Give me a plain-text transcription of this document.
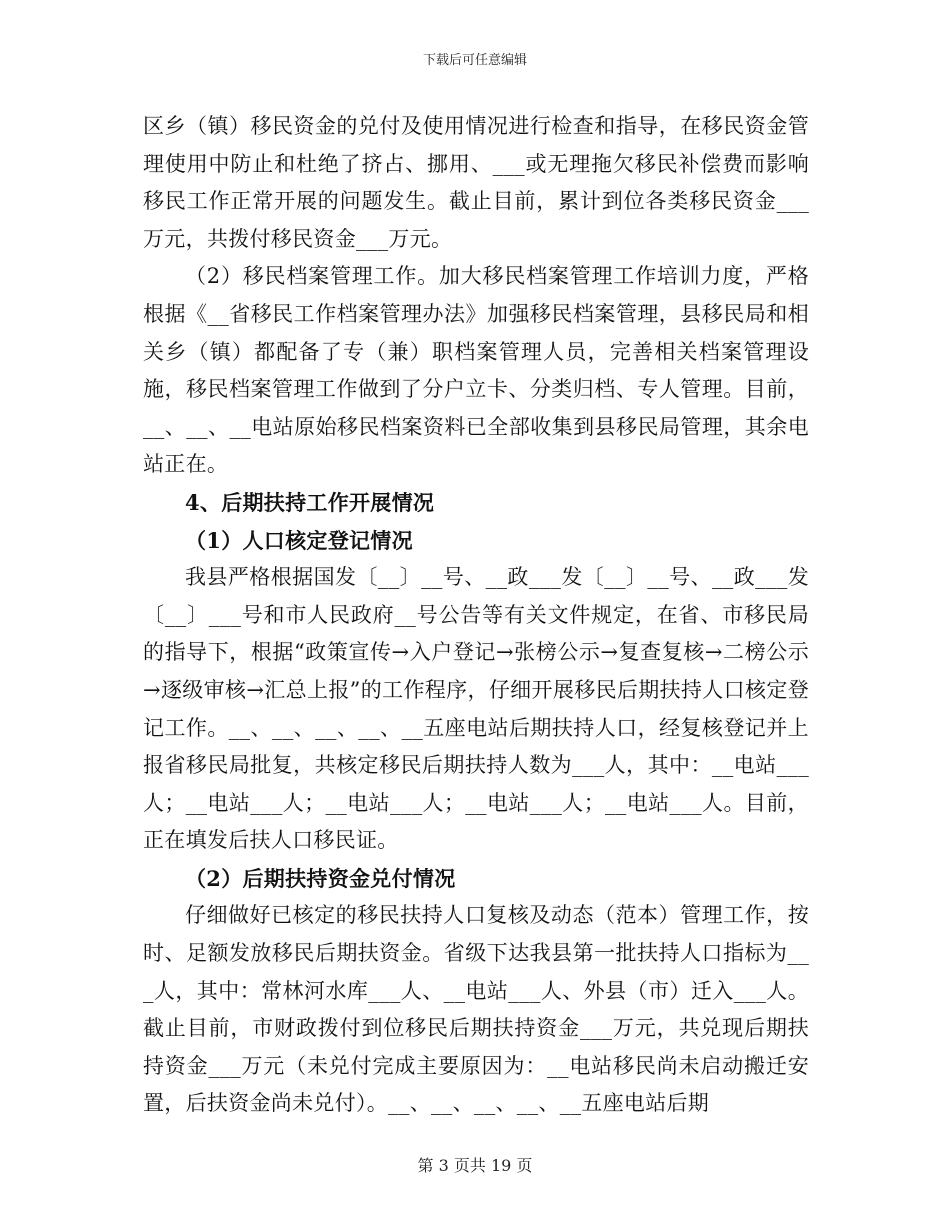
下载后可任意编辑

区乡（镇）移民资金的兑付及使用情况进行检查和指导，在移民资金管理使用中防止和杜绝了挤占、挪用、___或无理拖欠移民补偿费而影响移民工作正常开展的问题发生。截止目前，累计到位各类移民资金___万元，共拨付移民资金___万元。

（2）移民档案管理工作。加大移民档案管理工作培训力度，严格根据《__省移民工作档案管理办法》加强移民档案管理，县移民局和相关乡（镇）都配备了专（兼）职档案管理人员，完善相关档案管理设施，移民档案管理工作做到了分户立卡、分类归档、专人管理。目前，__、__、__电站原始移民档案资料已全部收集到县移民局管理，其余电站正在。

4、后期扶持工作开展情况

（1）人口核定登记情况

我县严格根据国发〔__〕__号、__政___发〔__〕__号、__政___发〔__〕___号和市人民政府__号公告等有关文件规定，在省、市移民局的指导下，根据“政策宣传→入户登记→张榜公示→复查复核→二榜公示→逐级审核→汇总上报”的工作程序，仔细开展移民后期扶持人口核定登记工作。__、__、__、__、__五座电站后期扶持人口，经复核登记并上报省移民局批复，共核定移民后期扶持人数为___人，其中：__电站___人；__电站___人；__电站___人；__电站___人；__电站___人。目前，正在填发后扶人口移民证。

（2）后期扶持资金兑付情况

仔细做好已核定的移民扶持人口复核及动态（范本）管理工作，按时、足额发放移民后期扶资金。省级下达我县第一批扶持人口指标为___人，其中：常林河水库___人、__电站___人、外县（市）迁入___人。截止目前，市财政拨付到位移民后期扶持资金___万元，共兑现后期扶持资金___万元（未兑付完成主要原因为：__电站移民尚未启动搬迁安置，后扶资金尚未兑付）。__、__、__、__、__五座电站后期

第 3 页共 19 页
